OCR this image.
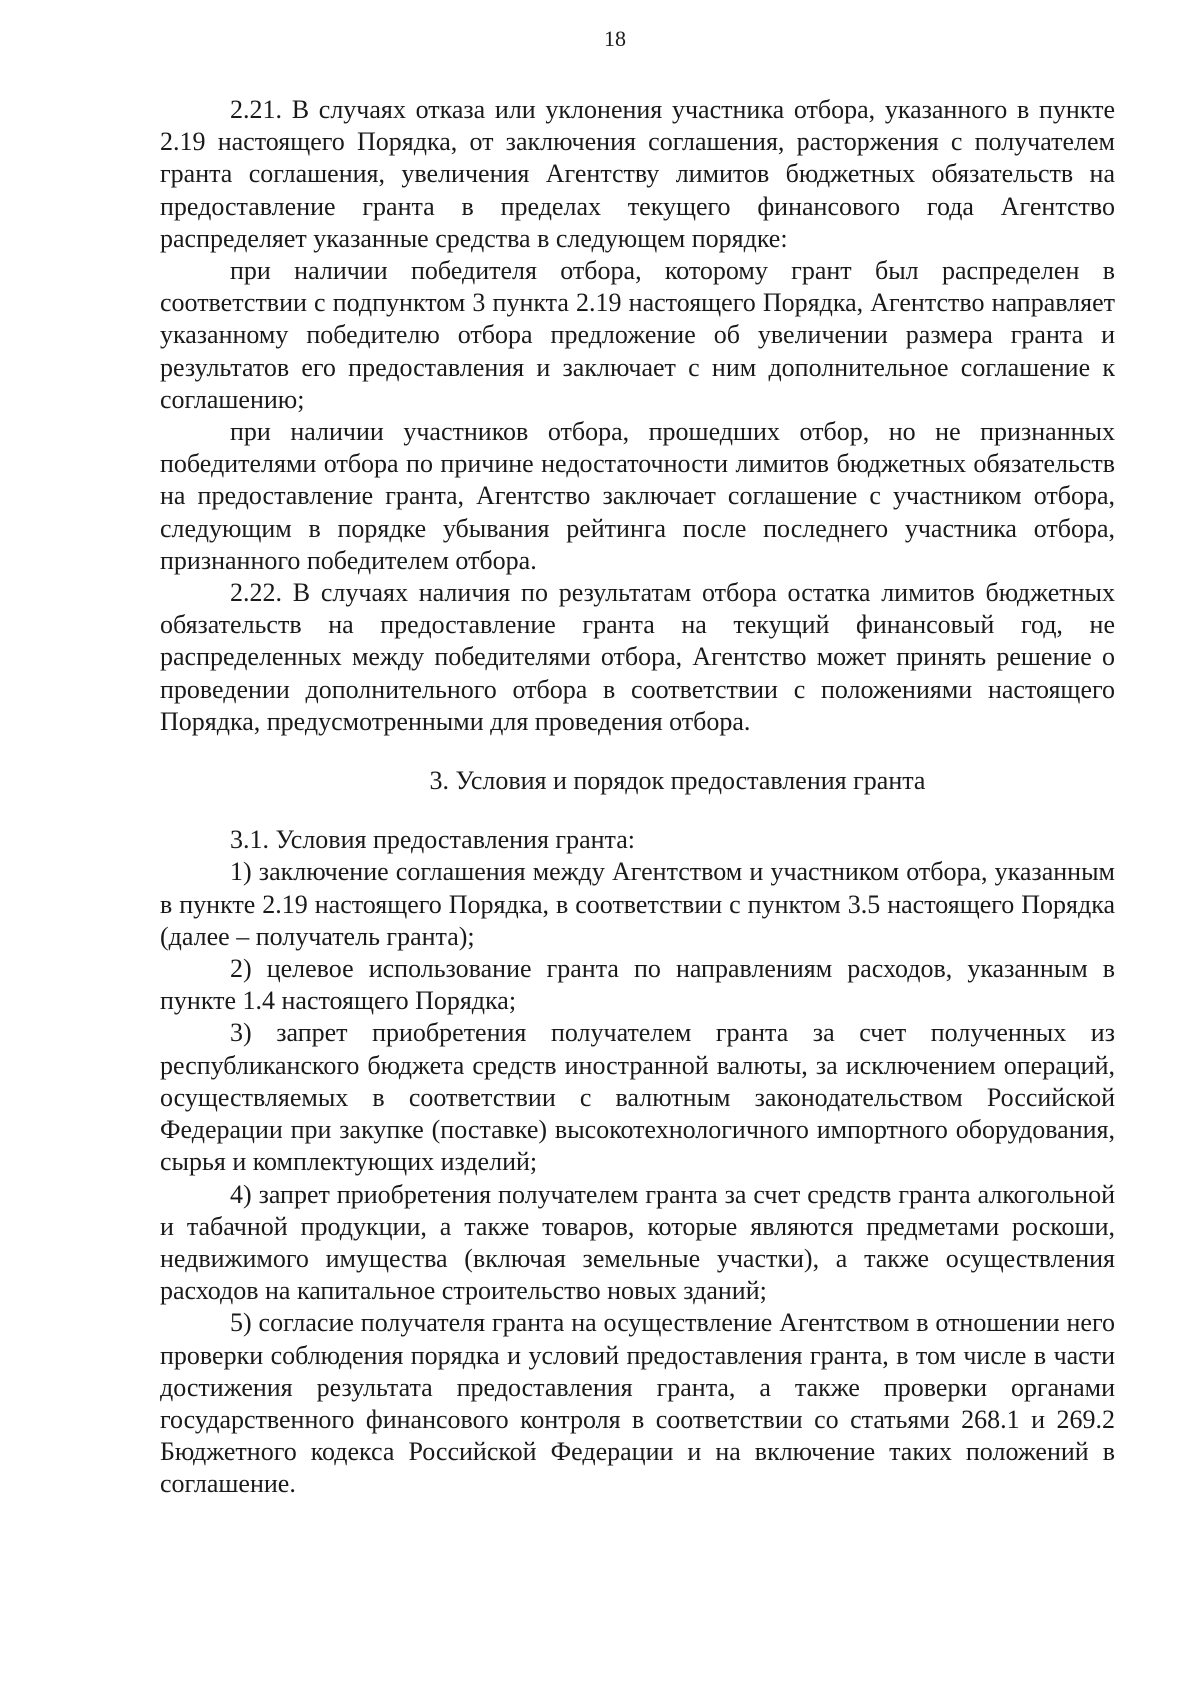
18

2.21. В случаях отказа или уклонения участника отбора, указанного в пункте 2.19 настоящего Порядка, от заключения соглашения, расторжения с получателем гранта соглашения, увеличения Агентству лимитов бюджетных обязательств на предоставление гранта в пределах текущего финансового года Агентство распределяет указанные средства в следующем порядке:

при наличии победителя отбора, которому грант был распределен в соответствии с подпунктом 3 пункта 2.19 настоящего Порядка, Агентство направляет указанному победителю отбора предложение об увеличении размера гранта и результатов его предоставления и заключает с ним дополнительное соглашение к соглашению;

при наличии участников отбора, прошедших отбор, но не признанных победителями отбора по причине недостаточности лимитов бюджетных обязательств на предоставление гранта, Агентство заключает соглашение с участником отбора, следующим в порядке убывания рейтинга после последнего участника отбора, признанного победителем отбора.

2.22. В случаях наличия по результатам отбора остатка лимитов бюджетных обязательств на предоставление гранта на текущий финансовый год, не распределенных между победителями отбора, Агентство может принять решение о проведении дополнительного отбора в соответствии с положениями настоящего Порядка, предусмотренными для проведения отбора.

3. Условия и порядок предоставления гранта

3.1. Условия предоставления гранта:

1) заключение соглашения между Агентством и участником отбора, указанным в пункте 2.19 настоящего Порядка, в соответствии с пунктом 3.5 настоящего Порядка (далее – получатель гранта);

2) целевое использование гранта по направлениям расходов, указанным в пункте 1.4 настоящего Порядка;

3) запрет приобретения получателем гранта за счет полученных из республиканского бюджета средств иностранной валюты, за исключением операций, осуществляемых в соответствии с валютным законодательством Российской Федерации при закупке (поставке) высокотехнологичного импортного оборудования, сырья и комплектующих изделий;

4) запрет приобретения получателем гранта за счет средств гранта алкогольной и табачной продукции, а также товаров, которые являются предметами роскоши, недвижимого имущества (включая земельные участки), а также осуществления расходов на капитальное строительство новых зданий;

5) согласие получателя гранта на осуществление Агентством в отношении него проверки соблюдения порядка и условий предоставления гранта, в том числе в части достижения результата предоставления гранта, а также проверки органами государственного финансового контроля в соответствии со статьями 268.1 и 269.2 Бюджетного кодекса Российской Федерации и на включение таких положений в соглашение.
